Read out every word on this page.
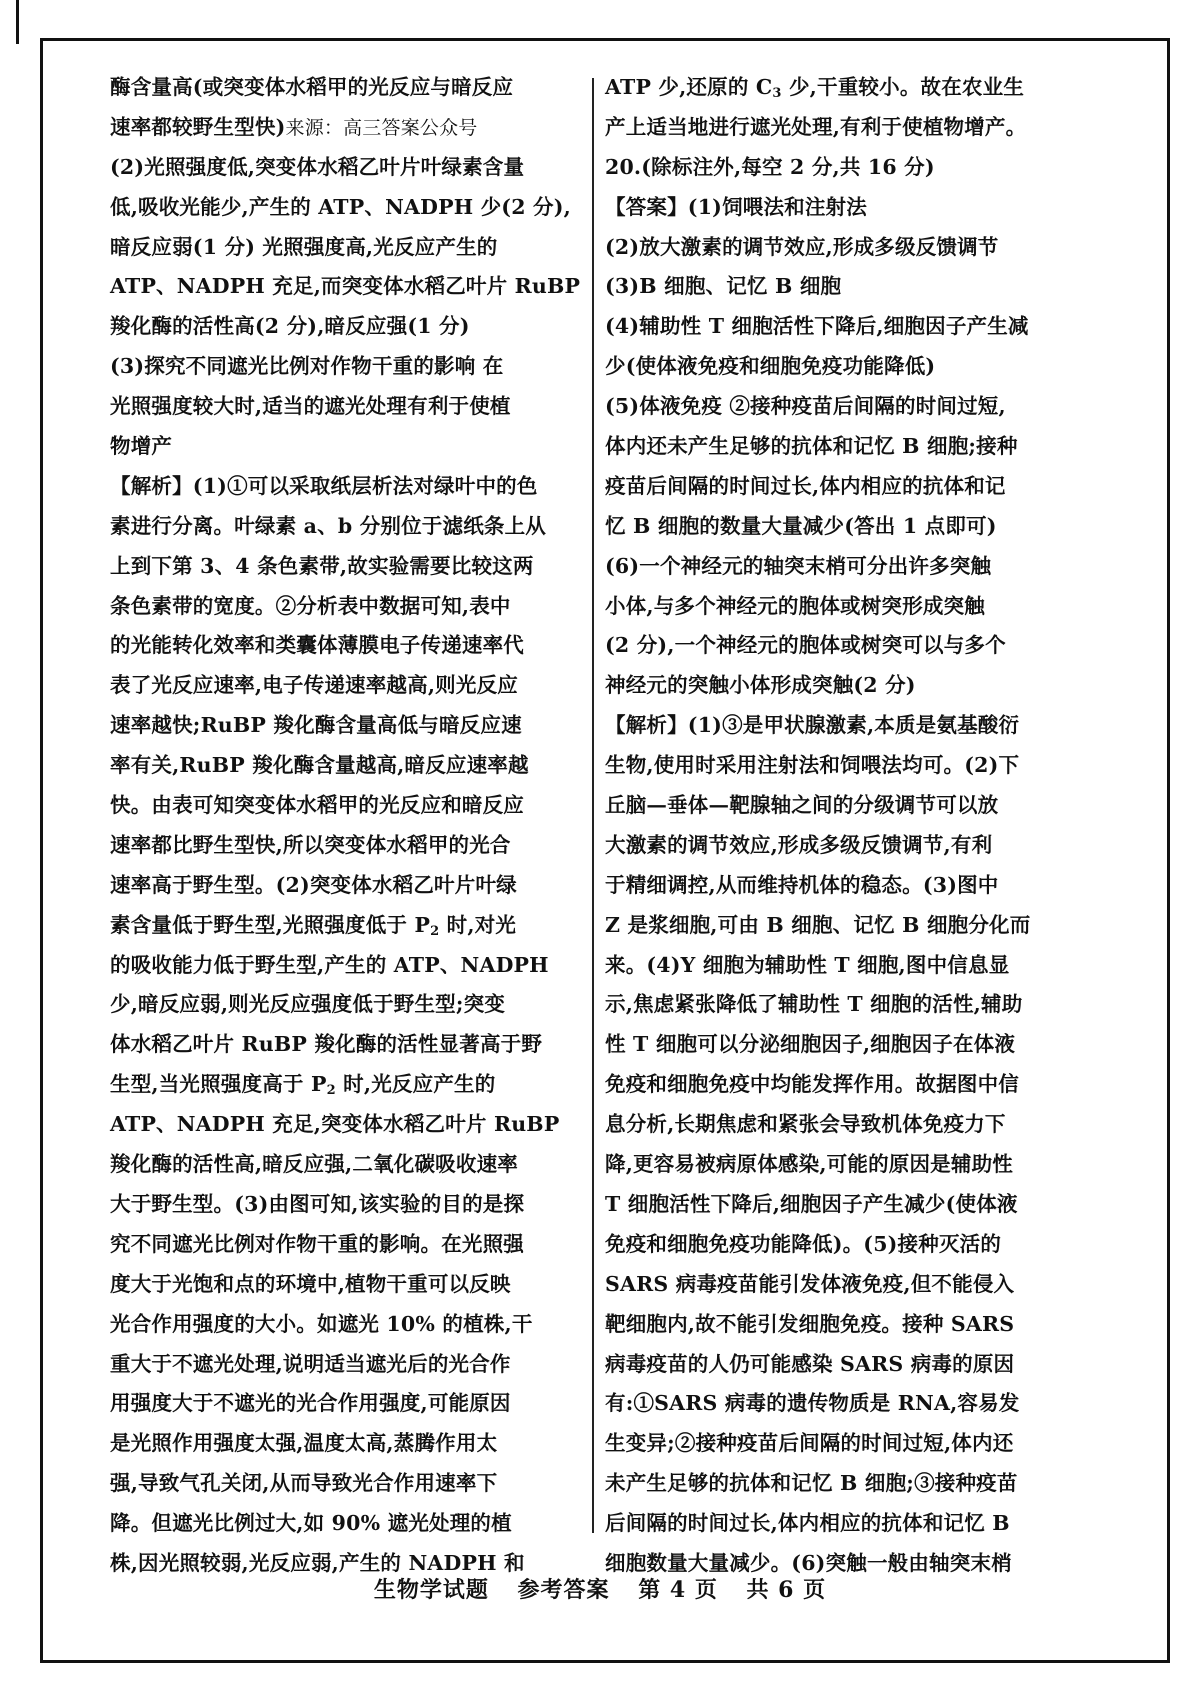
酶含量高(或突变体水稻甲的光反应与暗反应
速率都较野生型快)来源：高三答案公众号
(2)光照强度低,突变体水稻乙叶片叶绿素含量
低,吸收光能少,产生的 ATP、NADPH 少(2 分),
暗反应弱(1 分) 光照强度高,光反应产生的
ATP、NADPH 充足,而突变体水稻乙叶片 RuBP
羧化酶的活性高(2 分),暗反应强(1 分)
(3)探究不同遮光比例对作物干重的影响 在
光照强度较大时,适当的遮光处理有利于使植
物增产
【解析】(1)①可以采取纸层析法对绿叶中的色
素进行分离。叶绿素 a、b 分别位于滤纸条上从
上到下第 3、4 条色素带,故实验需要比较这两
条色素带的宽度。②分析表中数据可知,表中
的光能转化效率和类囊体薄膜电子传递速率代
表了光反应速率,电子传递速率越高,则光反应
速率越快;RuBP 羧化酶含量高低与暗反应速
率有关,RuBP 羧化酶含量越高,暗反应速率越
快。由表可知突变体水稻甲的光反应和暗反应
速率都比野生型快,所以突变体水稻甲的光合
速率高于野生型。(2)突变体水稻乙叶片叶绿
素含量低于野生型,光照强度低于 $P_2$ 时,对光
的吸收能力低于野生型,产生的 ATP、NADPH
少,暗反应弱,则光反应强度低于野生型;突变
体水稻乙叶片 RuBP 羧化酶的活性显著高于野
生型,当光照强度高于 $P_2$ 时,光反应产生的
ATP、NADPH 充足,突变体水稻乙叶片 RuBP
羧化酶的活性高,暗反应强,二氧化碳吸收速率
大于野生型。(3)由图可知,该实验的目的是探
究不同遮光比例对作物干重的影响。在光照强
度大于光饱和点的环境中,植物干重可以反映
光合作用强度的大小。如遮光 10% 的植株,干
重大于不遮光处理,说明适当遮光后的光合作
用强度大于不遮光的光合作用强度,可能原因
是光照作用强度太强,温度太高,蒸腾作用太
强,导致气孔关闭,从而导致光合作用速率下
降。但遮光比例过大,如 90% 遮光处理的植
株,因光照较弱,光反应弱,产生的 NADPH 和
ATP 少,还原的 $C_3$ 少,干重较小。故在农业生
产上适当地进行遮光处理,有利于使植物增产。
20.(除标注外,每空 2 分,共 16 分)
【答案】(1)饲喂法和注射法
(2)放大激素的调节效应,形成多级反馈调节
(3)B 细胞、记忆 B 细胞
(4)辅助性 T 细胞活性下降后,细胞因子产生减
少(使体液免疫和细胞免疫功能降低)
(5)体液免疫 ②接种疫苗后间隔的时间过短,
体内还未产生足够的抗体和记忆 B 细胞;接种
疫苗后间隔的时间过长,体内相应的抗体和记
忆 B 细胞的数量大量减少(答出 1 点即可)
(6)一个神经元的轴突末梢可分出许多突触
小体,与多个神经元的胞体或树突形成突触
(2 分),一个神经元的胞体或树突可以与多个
神经元的突触小体形成突触(2 分)
【解析】(1)③是甲状腺激素,本质是氨基酸衍
生物,使用时采用注射法和饲喂法均可。(2)下
丘脑—垂体—靶腺轴之间的分级调节可以放
大激素的调节效应,形成多级反馈调节,有利
于精细调控,从而维持机体的稳态。(3)图中
Z 是浆细胞,可由 B 细胞、记忆 B 细胞分化而
来。(4)Y 细胞为辅助性 T 细胞,图中信息显
示,焦虑紧张降低了辅助性 T 细胞的活性,辅助
性 T 细胞可以分泌细胞因子,细胞因子在体液
免疫和细胞免疫中均能发挥作用。故据图中信
息分析,长期焦虑和紧张会导致机体免疫力下
降,更容易被病原体感染,可能的原因是辅助性
T 细胞活性下降后,细胞因子产生减少(使体液
免疫和细胞免疫功能降低)。(5)接种灭活的
SARS 病毒疫苗能引发体液免疫,但不能侵入
靶细胞内,故不能引发细胞免疫。接种 SARS
病毒疫苗的人仍可能感染 SARS 病毒的原因
有:①SARS 病毒的遗传物质是 RNA,容易发
生变异;②接种疫苗后间隔的时间过短,体内还
未产生足够的抗体和记忆 B 细胞;③接种疫苗
后间隔的时间过长,体内相应的抗体和记忆 B
细胞数量大量减少。(6)突触一般由轴突末梢
生物学试题 参考答案 第 4 页 共 6 页
